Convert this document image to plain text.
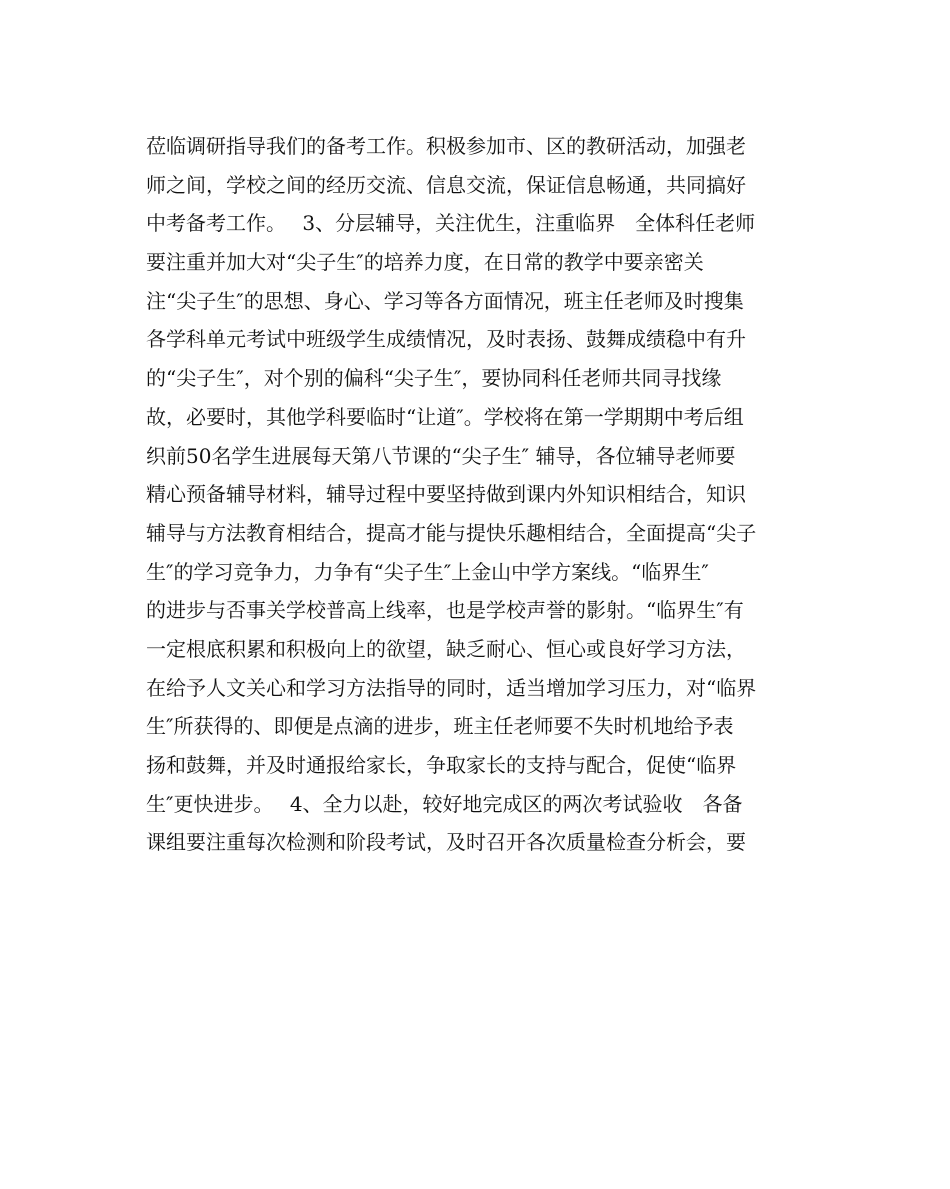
莅临调研指导我们的备考工作。积极参加市、区的教研活动，加强老
师之间，学校之间的经历交流、信息交流，保证信息畅通，共同搞好
中考备考工作。　 3、分层辅导，关注优生，注重临界　全体科任老师
要注重并加大对“尖子生″的培养力度，在日常的教学中要亲密关
注“尖子生″的思想、身心、学习等各方面情况，班主任老师及时搜集
各学科单元考试中班级学生成绩情况，及时表扬、鼓舞成绩稳中有升
的“尖子生″，对个别的偏科“尖子生″，要协同科任老师共同寻找缘
故，必要时，其他学科要临时“让道″。学校将在第一学期期中考后组
织前50名学生进展每天第八节课的“尖子生″ 辅导，各位辅导老师要
精心预备辅导材料，辅导过程中要坚持做到课内外知识相结合，知识
辅导与方法教育相结合，提高才能与提快乐趣相结合，全面提高“尖子
生″的学习竞争力，力争有“尖子生″上金山中学方案线。“临界生″
的进步与否事关学校普高上线率，也是学校声誉的影射。“临界生″有
一定根底积累和积极向上的欲望，缺乏耐心、恒心或良好学习方法，
在给予人文关心和学习方法指导的同时，适当增加学习压力，对“临界
生″所获得的、即便是点滴的进步，班主任老师要不失时机地给予表
扬和鼓舞，并及时通报给家长，争取家长的支持与配合，促使“临界
生″更快进步。　 4、全力以赴，较好地完成区的两次考试验收　各备
课组要注重每次检测和阶段考试，及时召开各次质量检查分析会，要
